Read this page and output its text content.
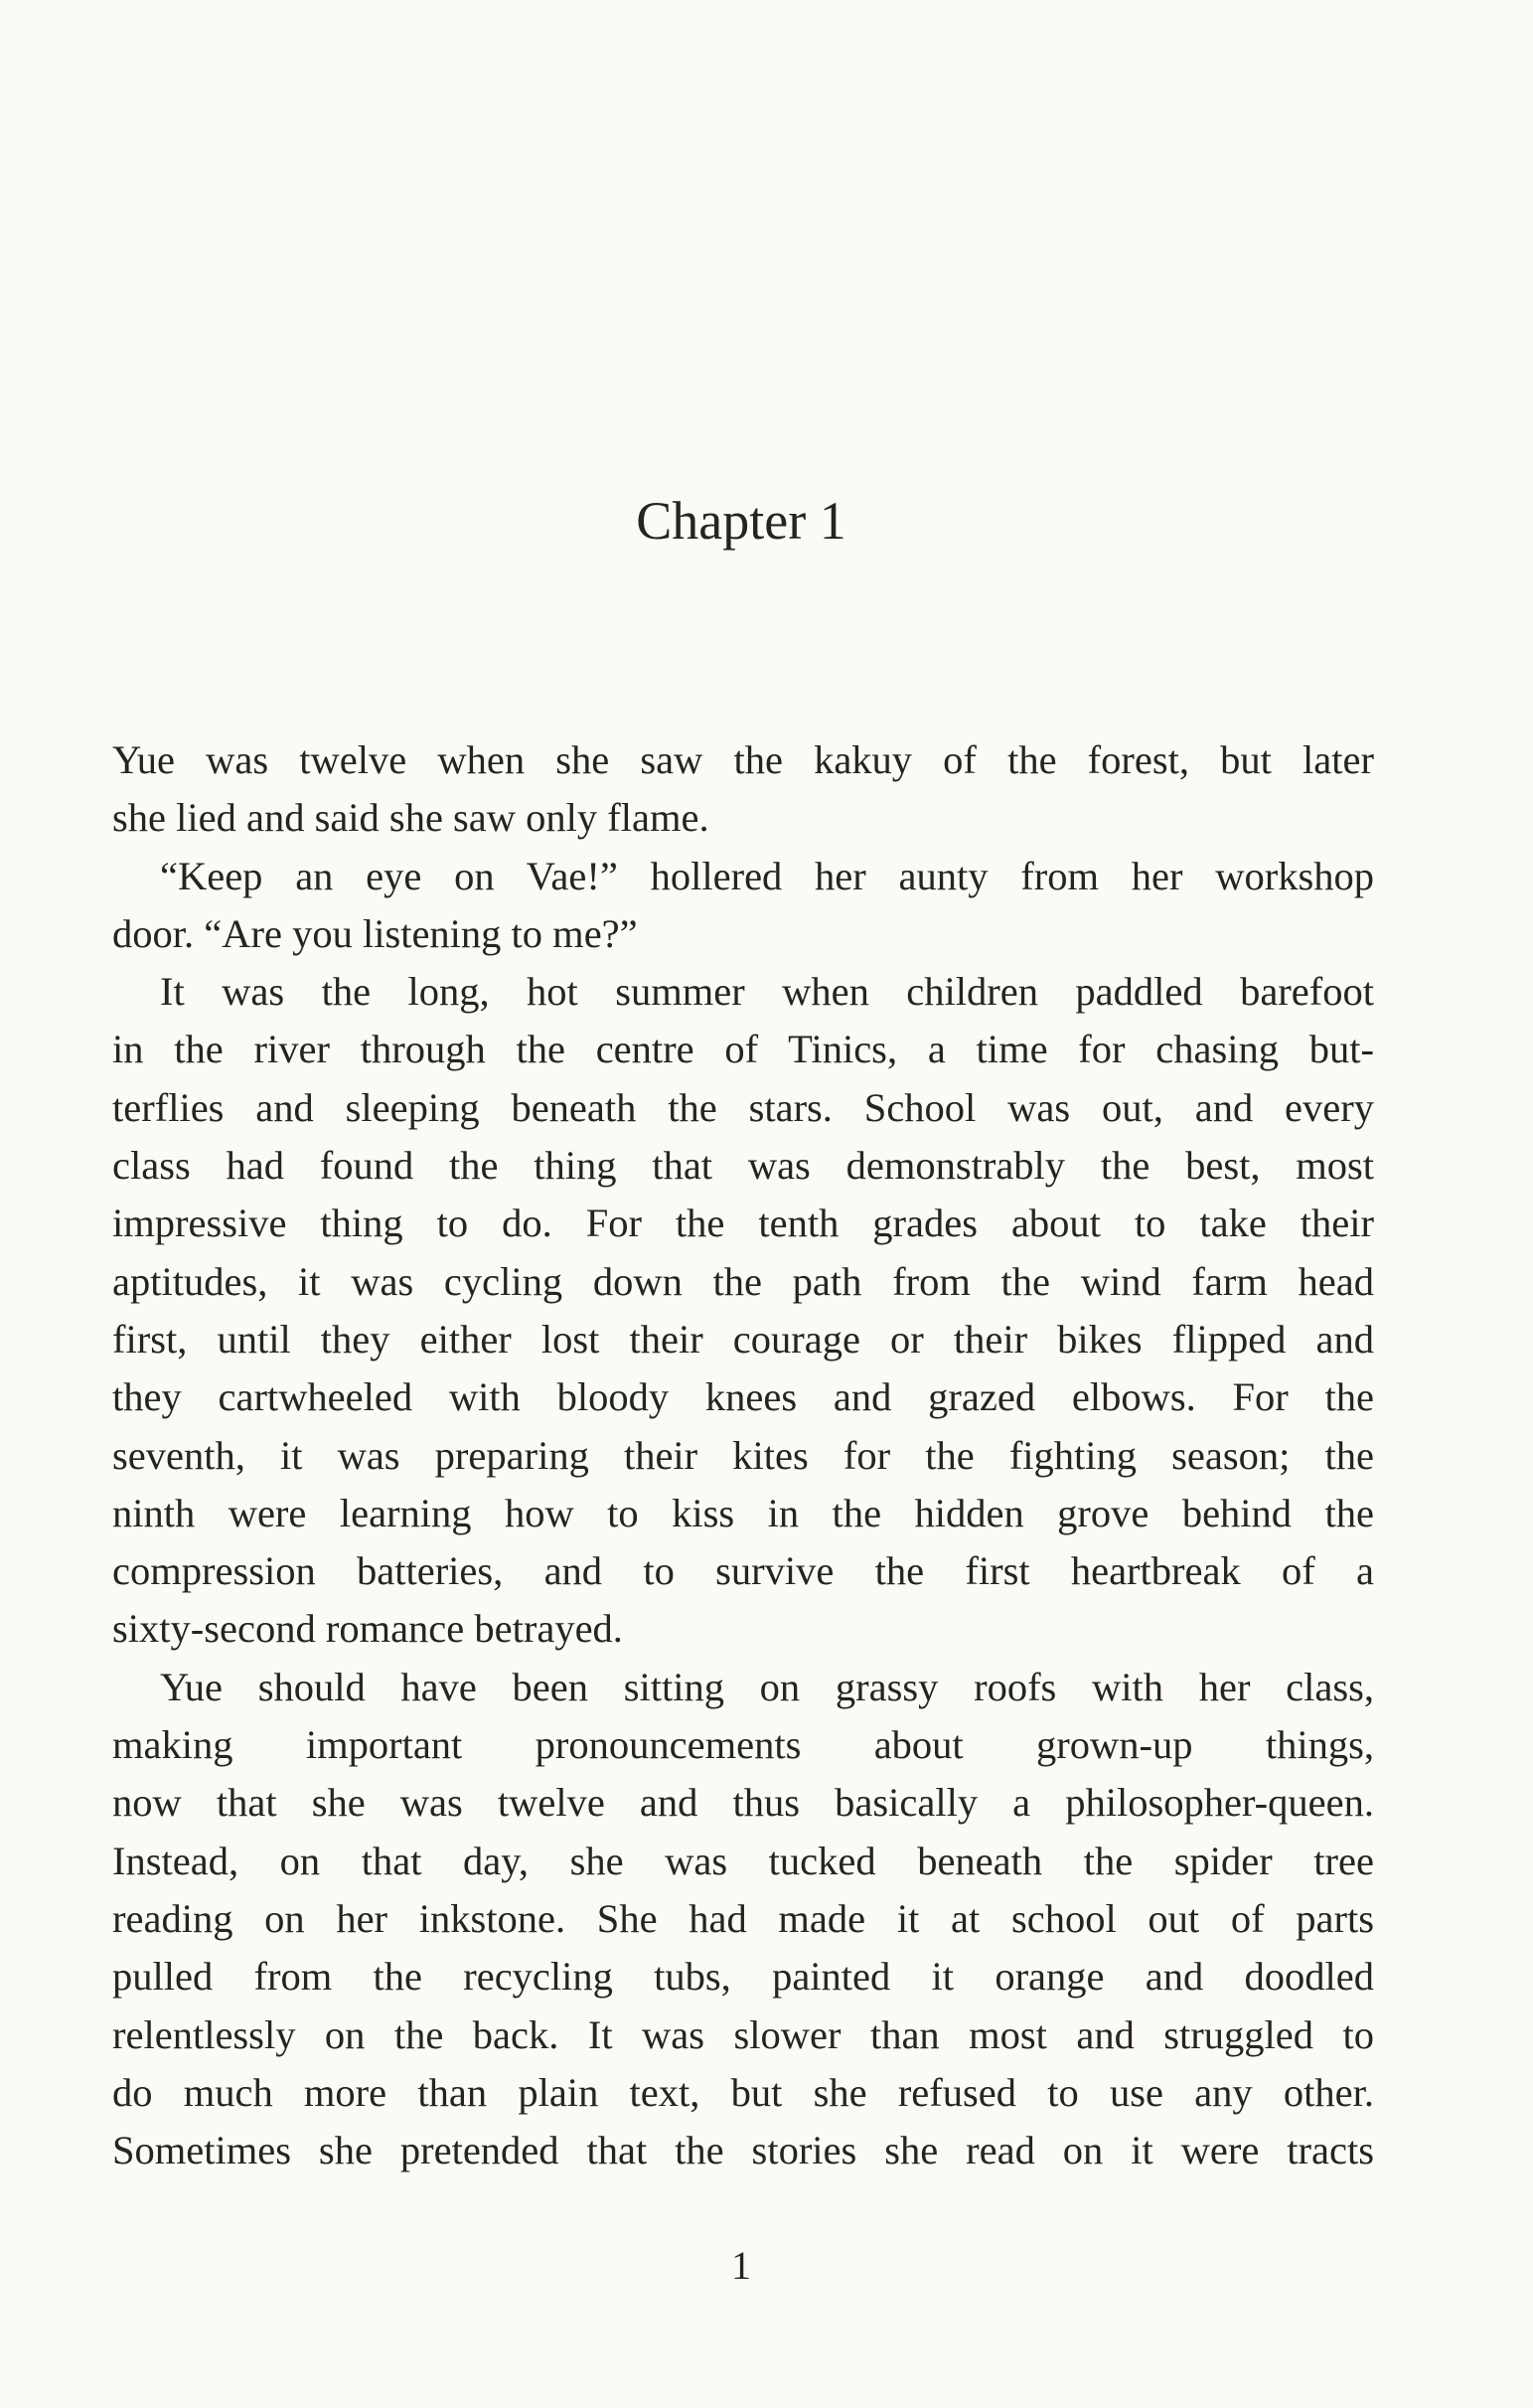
Chapter 1
Yue was twelve when she saw the kakuy of the forest, but later
she lied and said she saw only flame.
“Keep an eye on Vae!” hollered her aunty from her workshop
door. “Are you listening to me?”
It was the long, hot summer when children paddled barefoot
in the river through the centre of Tinics, a time for chasing but-
terflies and sleeping beneath the stars. School was out, and every
class had found the thing that was demonstrably the best, most
impressive thing to do. For the tenth grades about to take their
aptitudes, it was cycling down the path from the wind farm head
first, until they either lost their courage or their bikes flipped and
they cartwheeled with bloody knees and grazed elbows. For the
seventh, it was preparing their kites for the fighting season; the
ninth were learning how to kiss in the hidden grove behind the
compression batteries, and to survive the first heartbreak of a
sixty-second romance betrayed.
Yue should have been sitting on grassy roofs with her class,
making important pronouncements about grown-up things,
now that she was twelve and thus basically a philosopher-queen.
Instead, on that day, she was tucked beneath the spider tree
reading on her inkstone. She had made it at school out of parts
pulled from the recycling tubs, painted it orange and doodled
relentlessly on the back. It was slower than most and struggled to
do much more than plain text, but she refused to use any other.
Sometimes she pretended that the stories she read on it were tracts
1
